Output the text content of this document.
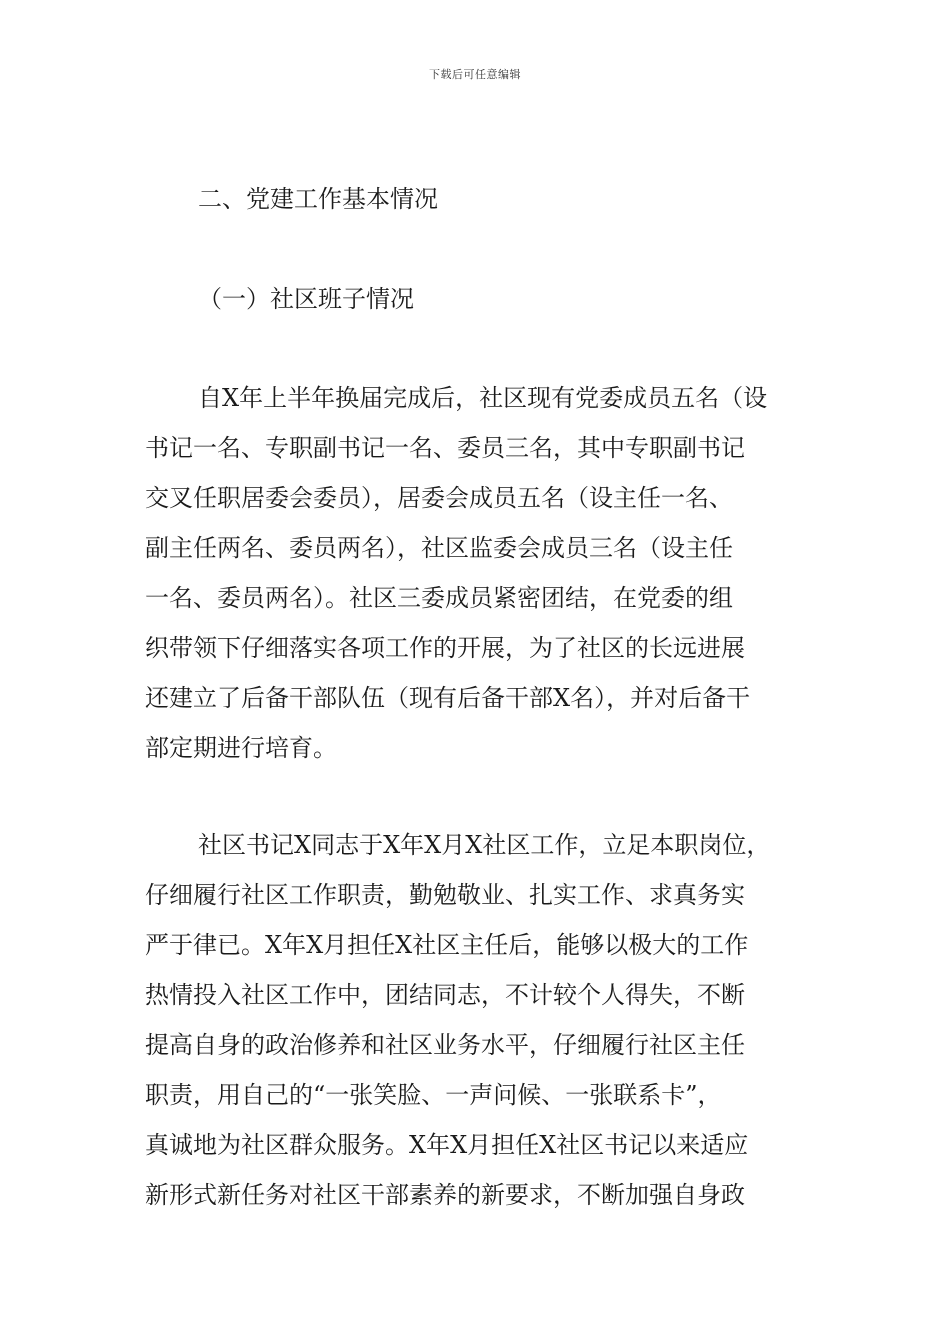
下载后可任意编辑
二、党建工作基本情况
（一）社区班子情况
自X年上半年换届完成后，社区现有党委成员五名（设
书记一名、专职副书记一名、委员三名，其中专职副书记
交叉任职居委会委员），居委会成员五名（设主任一名、
副主任两名、委员两名），社区监委会成员三名（设主任
一名、委员两名）。社区三委成员紧密团结，在党委的组
织带领下仔细落实各项工作的开展，为了社区的长远进展
还建立了后备干部队伍（现有后备干部X名），并对后备干
部定期进行培育。
社区书记X同志于X年X月X社区工作，立足本职岗位，
仔细履行社区工作职责，勤勉敬业、扎实工作、求真务实
严于律已。X年X月担任X社区主任后，能够以极大的工作
热情投入社区工作中，团结同志，不计较个人得失，不断
提高自身的政治修养和社区业务水平，仔细履行社区主任
职责，用自己的“一张笑脸、一声问候、一张联系卡”，
真诚地为社区群众服务。X年X月担任X社区书记以来适应
新形式新任务对社区干部素养的新要求，不断加强自身政
